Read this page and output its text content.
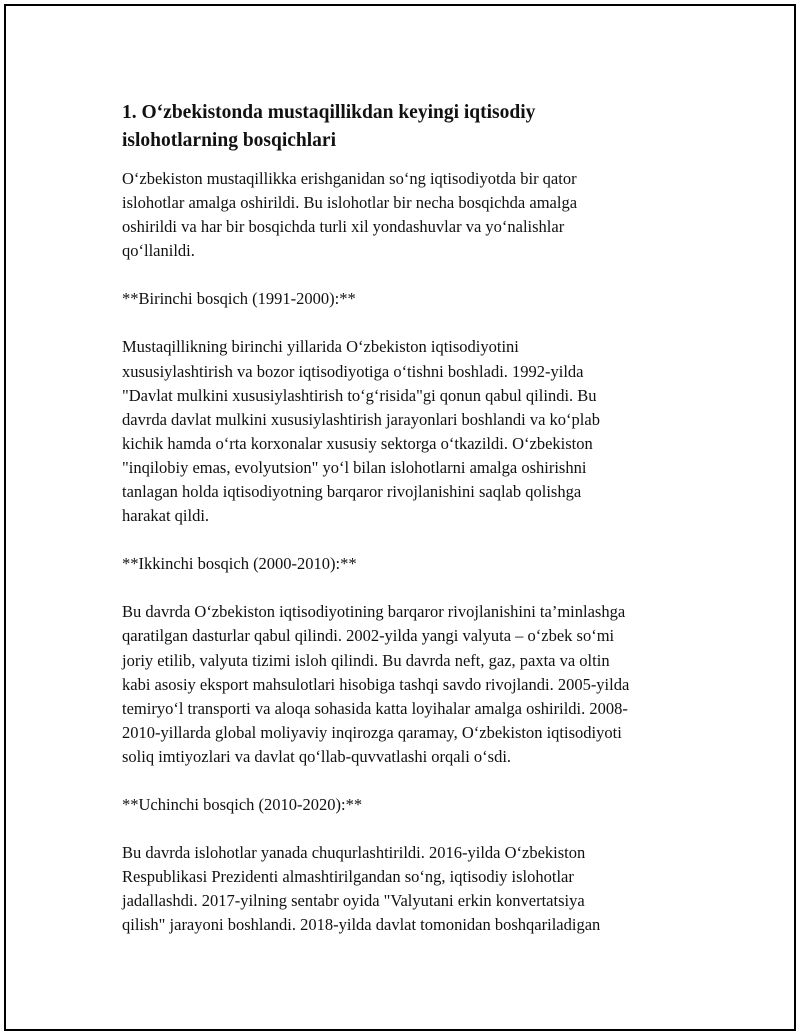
1. O‘zbekistonda mustaqillikdan keyingi iqtisodiy
islohotlarning bosqichlari

O‘zbekiston mustaqillikka erishganidan so‘ng iqtisodiyotda bir qator
islohotlar amalga oshirildi. Bu islohotlar bir necha bosqichda amalga
oshirildi va har bir bosqichda turli xil yondashuvlar va yo‘nalishlar
qo‘llanildi.

**Birinchi bosqich (1991-2000):**

Mustaqillikning birinchi yillarida O‘zbekiston iqtisodiyotini
xususiylashtirish va bozor iqtisodiyotiga o‘tishni boshladi. 1992-yilda
"Davlat mulkini xususiylashtirish to‘g‘risida"gi qonun qabul qilindi. Bu
davrda davlat mulkini xususiylashtirish jarayonlari boshlandi va ko‘plab
kichik hamda o‘rta korxonalar xususiy sektorga o‘tkazildi. O‘zbekiston
"inqilobiy emas, evolyutsion" yo‘l bilan islohotlarni amalga oshirishni
tanlagan holda iqtisodiyotning barqaror rivojlanishini saqlab qolishga
harakat qildi.

**Ikkinchi bosqich (2000-2010):**

Bu davrda O‘zbekiston iqtisodiyotining barqaror rivojlanishini ta’minlashga
qaratilgan dasturlar qabul qilindi. 2002-yilda yangi valyuta – o‘zbek so‘mi
joriy etilib, valyuta tizimi isloh qilindi. Bu davrda neft, gaz, paxta va oltin
kabi asosiy eksport mahsulotlari hisobiga tashqi savdo rivojlandi. 2005-yilda
temiryo‘l transporti va aloqa sohasida katta loyihalar amalga oshirildi. 2008-
2010-yillarda global moliyaviy inqirozga qaramay, O‘zbekiston iqtisodiyoti
soliq imtiyozlari va davlat qo‘llab-quvvatlashi orqali o‘sdi.

**Uchinchi bosqich (2010-2020):**

Bu davrda islohotlar yanada chuqurlashtirildi. 2016-yilda O‘zbekiston
Respublikasi Prezidenti almashtirilgandan so‘ng, iqtisodiy islohotlar
jadallashdi. 2017-yilning sentabr oyida "Valyutani erkin konvertatsiya
qilish" jarayoni boshlandi. 2018-yilda davlat tomonidan boshqariladigan
